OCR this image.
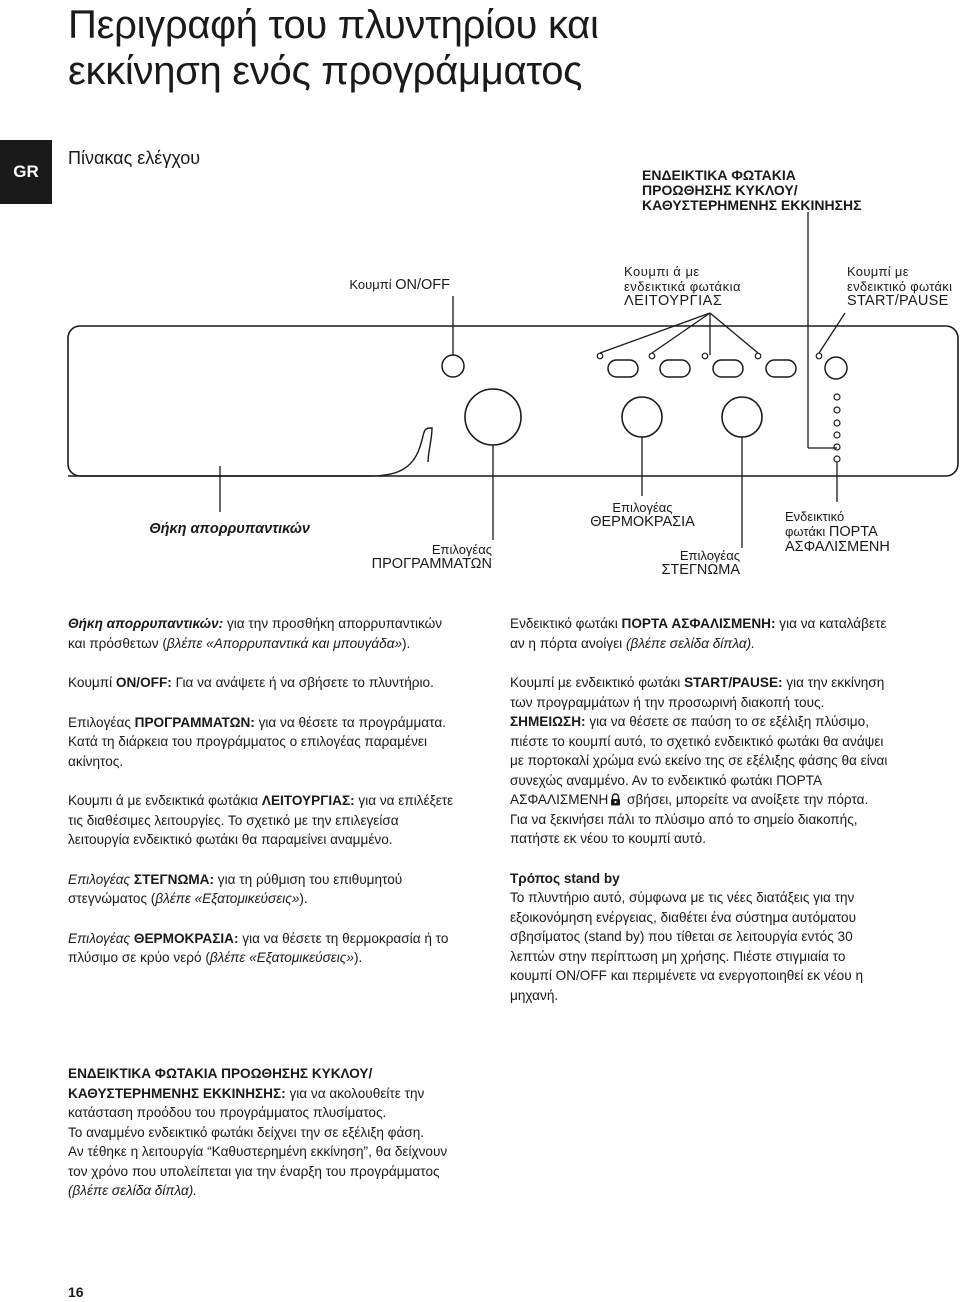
Περιγραφή του πλυντηρίου και
εκκίνηση ενός προγράμματος
GR
Πίνακας ελέγχου
ΕΝΔΕΙΚΤΙΚΑ ΦΩΤΑΚΙΑ
ΠΡΟΩΘΗΣΗΣ ΚΥΚΛΟΥ/
ΚΑΘΥΣΤΕΡΗΜΕΝΗΣ ΕΚΚΙΝΗΣΗΣ
Κουμπί ON/OFF
Κουμπι ά με
ενδεικτικά φωτάκια
ΛΕΙΤΟΥΡΓΙΑΣ
Κουμπί με
ενδεικτικό φωτάκι
START/PAUSE
Θήκη απορρυπαντικών
Επιλογέας
ΠΡΟΓΡΑΜΜΑΤΩΝ
Επιλογέας
ΘΕΡΜΟΚΡΑΣΙΑ
Επιλογέας
ΣΤΕΓΝΩΜΑ
Ενδεικτικό
φωτάκι ΠΟΡΤΑ
ΑΣΦΑΛΙΣΜΕΝΗ

Θήκη απορρυπαντικών: για την προσθήκη απορρυπαντικών και πρόσθετων (βλέπε «Απορρυπαντικά και μπουγάδα»).

Κουμπί ON/OFF: Για να ανάψετε ή να σβήσετε το πλυντήριο.

Επιλογέας ΠΡΟΓΡΑΜΜΑΤΩΝ: για να θέσετε τα προγράμματα. Κατά τη διάρκεια του προγράμματος ο επιλογέας παραμένει ακίνητος.

Κουμπι ά με ενδεικτικά φωτάκια ΛΕΙΤΟΥΡΓΙΑΣ: για να επιλέξετε τις διαθέσιμες λειτουργίες. Το σχετικό με την επιλεγείσα λειτουργία ενδεικτικό φωτάκι θα παραμείνει αναμμένο.

Επιλογέας ΣΤΕΓΝΩΜΑ: για τη ρύθμιση του επιθυμητού στεγνώματος (βλέπε «Εξατομικεύσεις»).

Επιλογέας ΘΕΡΜΟΚΡΑΣΙΑ: για να θέσετε τη θερμοκρασία ή το πλύσιμο σε κρύο νερό (βλέπε «Εξατομικεύσεις»).

ΕΝΔΕΙΚΤΙΚΑ ΦΩΤΑΚΙΑ ΠΡΟΩΘΗΣΗΣ ΚΥΚΛΟΥ/ ΚΑΘΥΣΤΕΡΗΜΕΝΗΣ ΕΚΚΙΝΗΣΗΣ: για να ακολουθείτε την κατάσταση προόδου του προγράμματος πλυσίματος.
Το αναμμένο ενδεικτικό φωτάκι δείχνει την σε εξέλιξη φάση.
Αν τέθηκε η λειτουργία “Καθυστερημένη εκκίνηση”, θα δείχνουν τον χρόνο που υπολείπεται για την έναρξη του προγράμματος (βλέπε σελίδα δίπλα).

Ενδεικτικό φωτάκι ΠΟΡΤΑ ΑΣΦΑΛΙΣΜΕΝΗ: για να καταλάβετε αν η πόρτα ανοίγει (βλέπε σελίδα δίπλα).

Κουμπί με ενδεικτικό φωτάκι START/PAUSE: για την εκκίνηση των προγραμμάτων ή την προσωρινή διακοπή τους.

ΣΗΜΕΙΩΣΗ: για να θέσετε σε παύση το σε εξέλιξη πλύσιμο, πιέστε το κουμπί αυτό, το σχετικό ενδεικτικό φωτάκι θα ανάψει με πορτοκαλί χρώμα ενώ εκείνο της σε εξέλιξης φάσης θα είναι συνεχώς αναμμένο. Αν το ενδεικτικό φωτάκι ΠΟΡΤΑ ΑΣΦΑΛΙΣΜΕΝΗ σβήσει, μπορείτε να ανοίξετε την πόρτα.
Για να ξεκινήσει πάλι το πλύσιμο από το σημείο διακοπής, πατήστε εκ νέου το κουμπί αυτό.

Τρόπος stand by
Το πλυντήριο αυτό, σύμφωνα με τις νέες διατάξεις για την εξοικονόμηση ενέργειας, διαθέτει ένα σύστημα αυτόματου σβησίματος (stand by) που τίθεται σε λειτουργία εντός 30 λεπτών στην περίπτωση μη χρήσης. Πιέστε στιγμιαία το κουμπί ON/OFF και περιμένετε να ενεργοποιηθεί εκ νέου η μηχανή.
16
